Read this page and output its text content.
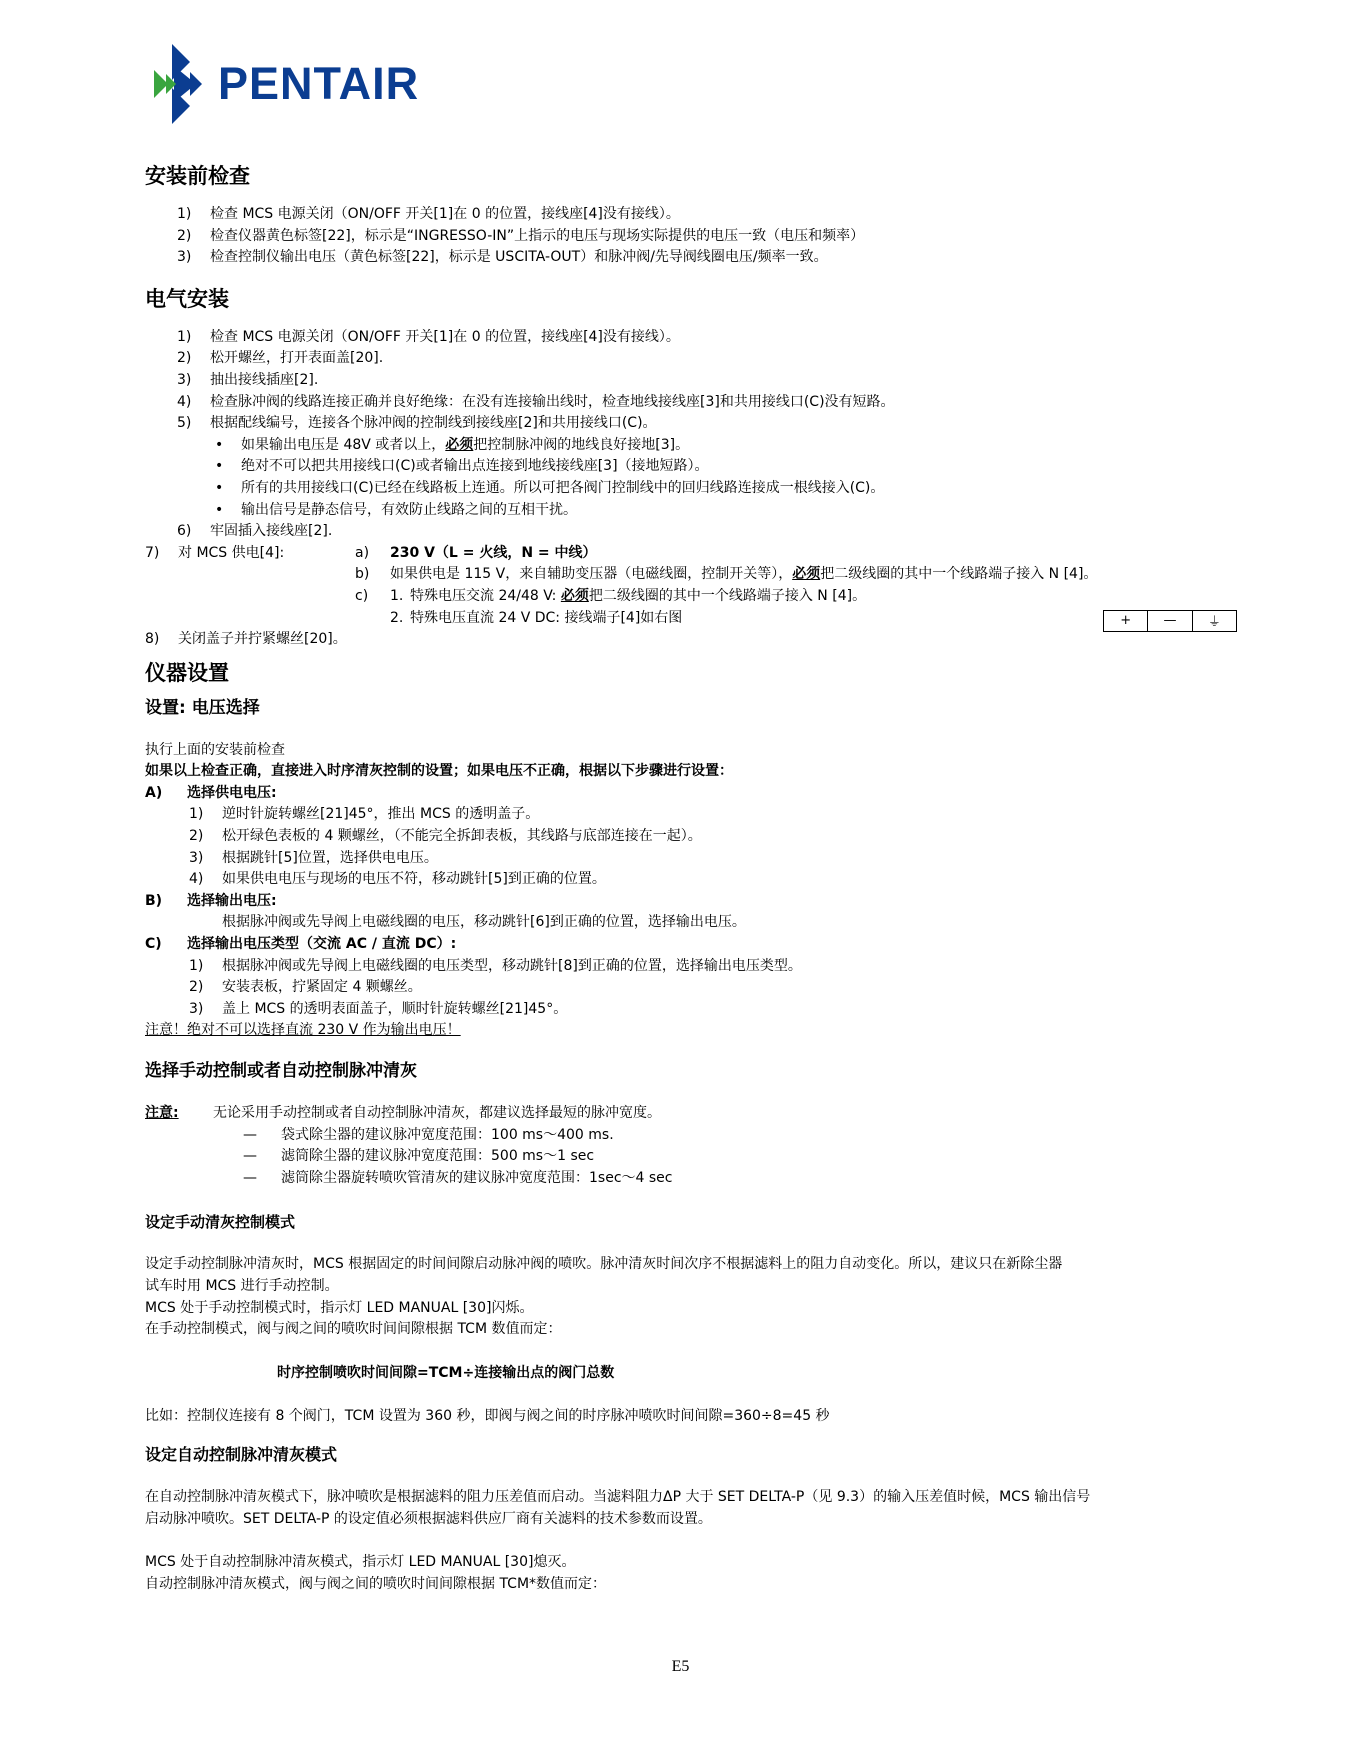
PENTAIR
安装前检查
1) 检查 MCS 电源关闭（ON/OFF 开关[1]在 0 的位置，接线座[4]没有接线）。
2) 检查仪器黄色标签[22]，标示是“INGRESSO-IN”上指示的电压与现场实际提供的电压一致（电压和频率）
3) 检查控制仪输出电压（黄色标签[22]，标示是 USCITA-OUT）和脉冲阀/先导阀线圈电压/频率一致。
电气安装
1) 检查 MCS 电源关闭（ON/OFF 开关[1]在 0 的位置，接线座[4]没有接线）。
2) 松开螺丝，打开表面盖[20].
3) 抽出接线插座[2].
4) 检查脉冲阀的线路连接正确并良好绝缘：在没有连接输出线时，检查地线接线座[3]和共用接线口(C)没有短路。
5) 根据配线编号，连接各个脉冲阀的控制线到接线座[2]和共用接线口(C)。
• 如果输出电压是 48V 或者以上，必须把控制脉冲阀的地线良好接地[3]。
• 绝对不可以把共用接线口(C)或者输出点连接到地线接线座[3]（接地短路）。
• 所有的共用接线口(C)已经在线路板上连通。所以可把各阀门控制线中的回归线路连接成一根线接入(C)。
• 输出信号是静态信号，有效防止线路之间的互相干扰。
6) 牢固插入接线座[2].
7) 对 MCS 供电[4]:	a) 230 V（L = 火线，N = 中线）
b) 如果供电是 115 V，来自辅助变压器（电磁线圈，控制开关等），必须把二级线圈的其中一个线路端子接入 N [4]。
c) 1. 特殊电压交流 24/48 V: 必须把二级线圈的其中一个线路端子接入 N [4]。
2. 特殊电压直流 24 V DC: 接线端子[4]如右图	+	—	⏚
8) 关闭盖子并拧紧螺丝[20]。
仪器设置
设置: 电压选择
执行上面的安装前检查
如果以上检查正确，直接进入时序清灰控制的设置；如果电压不正确，根据以下步骤进行设置：
A) 选择供电电压:
1) 逆时针旋转螺丝[21]45°，推出 MCS 的透明盖子。
2) 松开绿色表板的 4 颗螺丝，（不能完全拆卸表板，其线路与底部连接在一起）。
3) 根据跳针[5]位置，选择供电电压。
4) 如果供电电压与现场的电压不符，移动跳针[5]到正确的位置。
B) 选择输出电压:
根据脉冲阀或先导阀上电磁线圈的电压，移动跳针[6]到正确的位置，选择输出电压。
C) 选择输出电压类型（交流 AC / 直流 DC）:
1) 根据脉冲阀或先导阀上电磁线圈的电压类型，移动跳针[8]到正确的位置，选择输出电压类型。
2) 安装表板，拧紧固定 4 颗螺丝。
3) 盖上 MCS 的透明表面盖子，顺时针旋转螺丝[21]45°。
注意！绝对不可以选择直流 230 V 作为输出电压！
选择手动控制或者自动控制脉冲清灰
注意: 无论采用手动控制或者自动控制脉冲清灰，都建议选择最短的脉冲宽度。
— 袋式除尘器的建议脉冲宽度范围：100 ms～400 ms.
— 滤筒除尘器的建议脉冲宽度范围：500 ms～1 sec
— 滤筒除尘器旋转喷吹管清灰的建议脉冲宽度范围：1sec～4 sec
设定手动清灰控制模式
设定手动控制脉冲清灰时，MCS 根据固定的时间间隙启动脉冲阀的喷吹。脉冲清灰时间次序不根据滤料上的阻力自动变化。所以，建议只在新除尘器
试车时用 MCS 进行手动控制。
MCS 处于手动控制模式时，指示灯 LED MANUAL [30]闪烁。
在手动控制模式，阀与阀之间的喷吹时间间隙根据 TCM 数值而定：
时序控制喷吹时间间隙=TCM÷连接输出点的阀门总数
比如：控制仪连接有 8 个阀门，TCM 设置为 360 秒，即阀与阀之间的时序脉冲喷吹时间间隙=360÷8=45 秒
设定自动控制脉冲清灰模式
在自动控制脉冲清灰模式下，脉冲喷吹是根据滤料的阻力压差值而启动。当滤料阻力ΔP 大于 SET DELTA-P（见 9.3）的输入压差值时候，MCS 输出信号
启动脉冲喷吹。SET DELTA-P 的设定值必须根据滤料供应厂商有关滤料的技术参数而设置。
MCS 处于自动控制脉冲清灰模式，指示灯 LED MANUAL [30]熄灭。
自动控制脉冲清灰模式，阀与阀之间的喷吹时间间隙根据 TCM*数值而定：
E5
